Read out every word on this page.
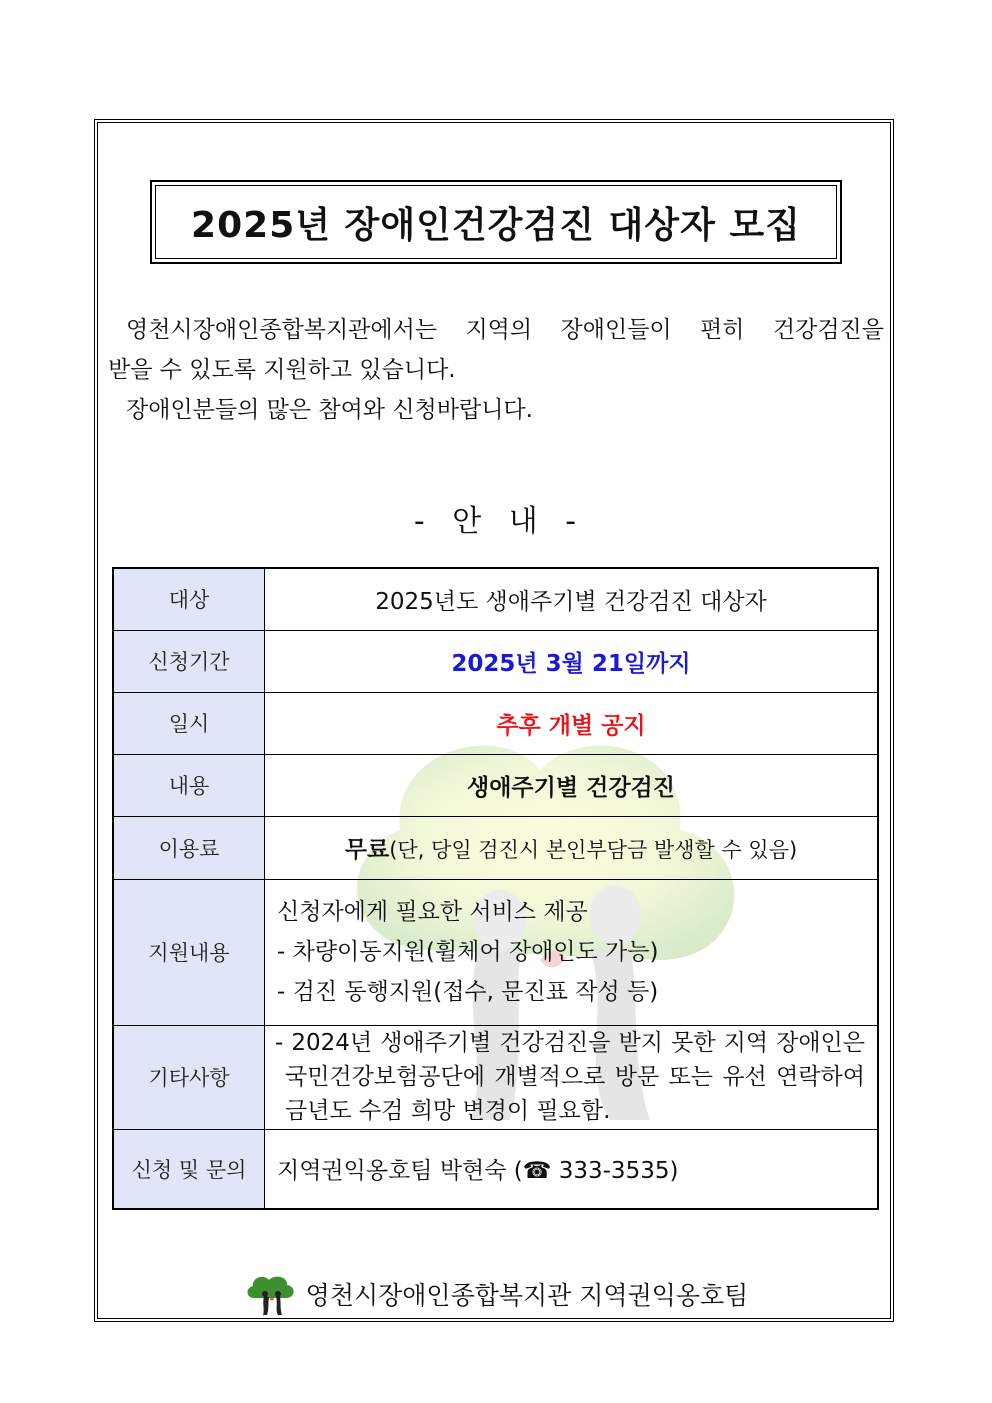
2025년 장애인건강검진 대상자 모집

영천시장애인종합복지관에서는 지역의 장애인들이 편히 건강검진을

받을 수 있도록 지원하고 있습니다.

장애인분들의 많은 참여와 신청바랍니다.

- 안 내 -
대상	2025년도 생애주기별 건강검진 대상자
신청기간	2025년 3월 21일까지
일시	추후 개별 공지
내용	생애주기별 건강검진
이용료	무료(단, 당일 검진시 본인부담금 발생할 수 있음)
지원내용	신청자에게 필요한 서비스 제공
- 차량이동지원(휠체어 장애인도 가능)
- 검진 동행지원(접수, 문진표 작성 등)

기타사항	- 2024년 생애주기별 건강검진을 받지 못한 지역 장애인은
국민건강보험공단에 개별적으로 방문 또는 유선 연락하여
금년도 수검 희망 변경이 필요함.

신청 및 문의	지역권익옹호팀 박현숙 (☎ 333-3535)
영천시장애인종합복지관 지역권익옹호팀
